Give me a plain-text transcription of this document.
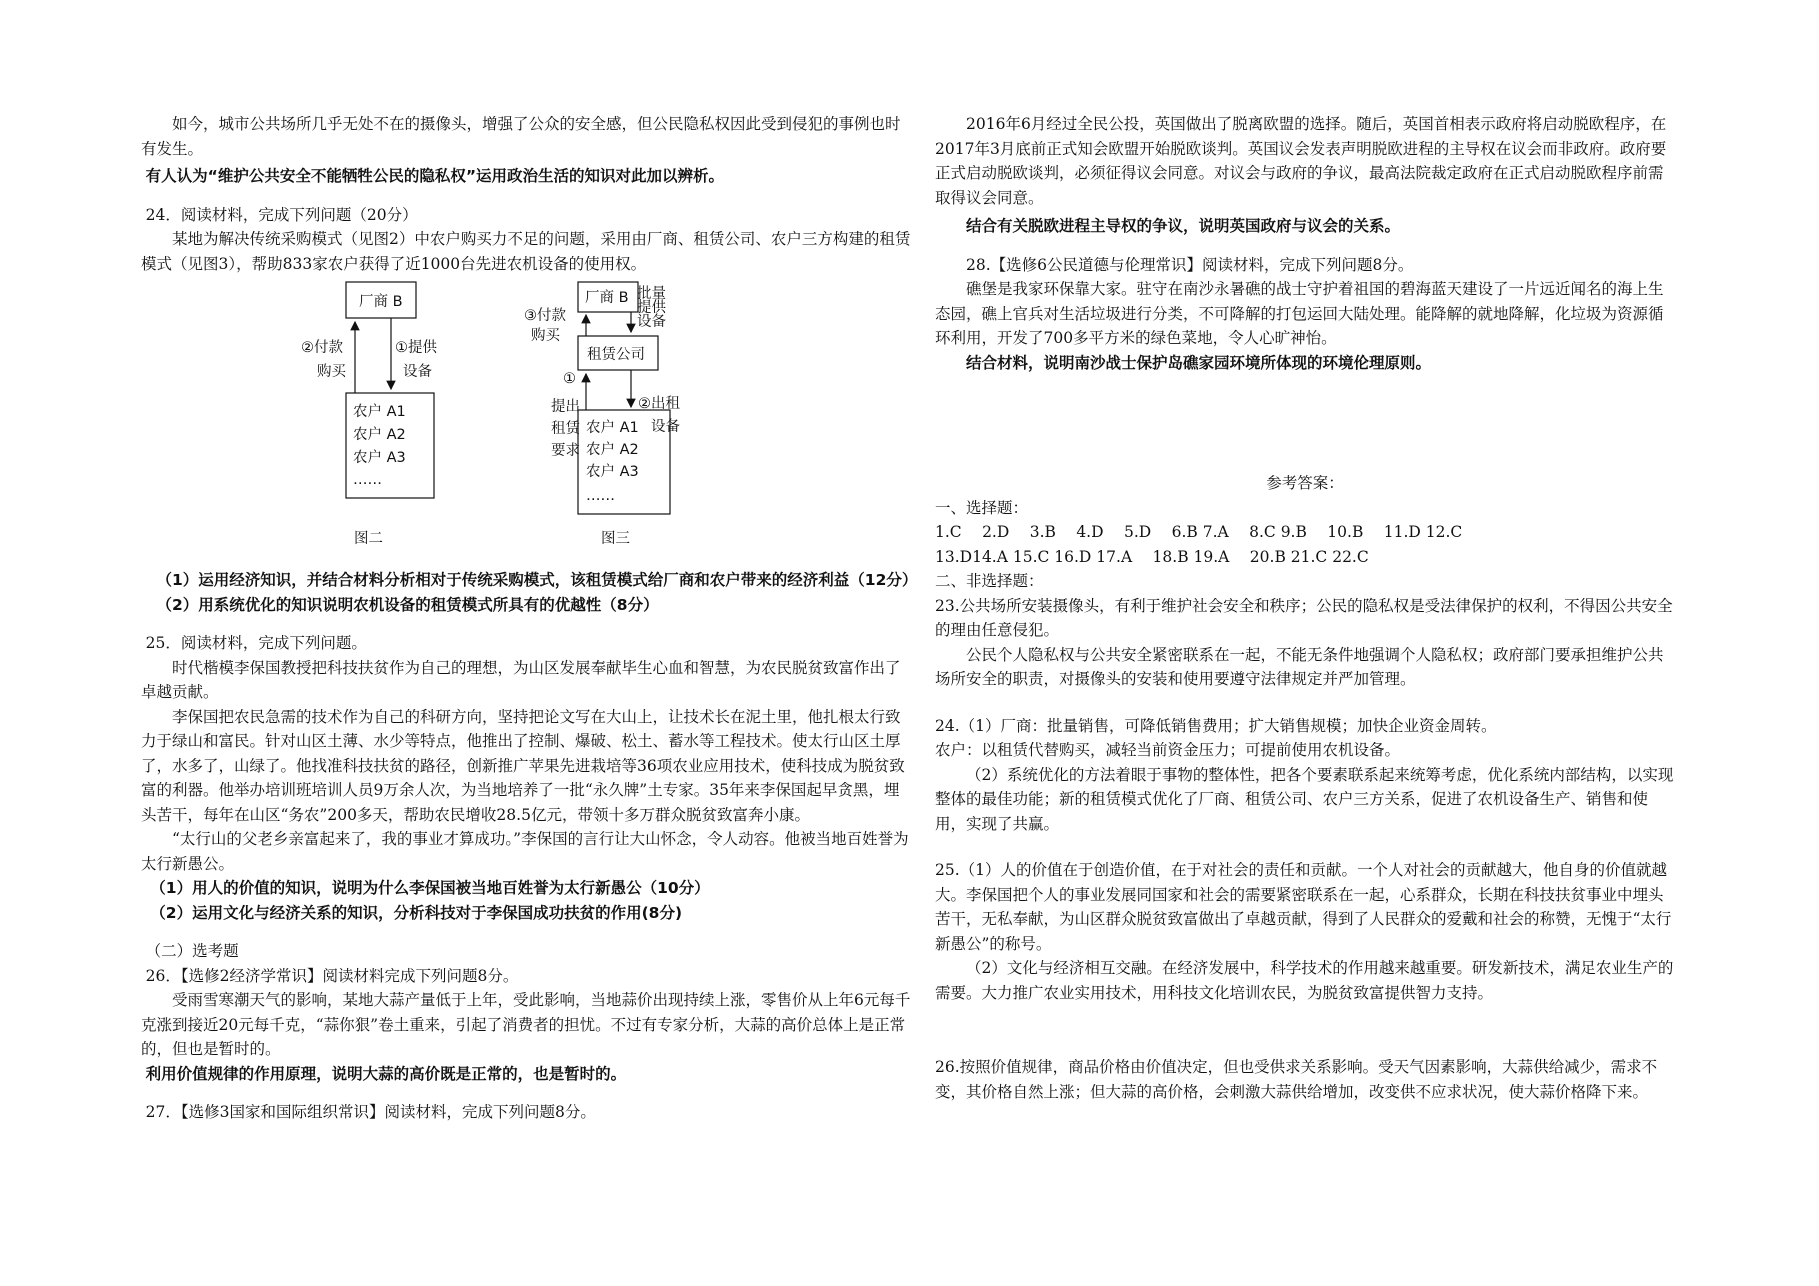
如今，城市公共场所几乎无处不在的摄像头，增强了公众的安全感，但公民隐私权因此受到侵犯的事例也时有发生。

有人认为“维护公共安全不能牺牲公民的隐私权”运用政治生活的知识对此加以辨析。

24．阅读材料，完成下列问题（20分）

某地为解决传统采购模式（见图2）中农户购买力不足的问题，采用由厂商、租赁公司、农户三方构建的租赁模式（见图3），帮助833家农户获得了近1000台先进农机设备的使用权。

厂商 B
②付款
购买
①提供
设备
农户 A1
农户 A2
农户 A3
……
图二
厂商 B
③付款
购买
批量
提供
设备
租赁公司
①
提出
租赁
要求
②出租
设备
农户 A1
农户 A2
农户 A3
……
图三

（1）运用经济知识，并结合材料分析相对于传统采购模式，该租赁模式给厂商和农户带来的经济利益（12分）

（2）用系统优化的知识说明农机设备的租赁模式所具有的优越性（8分）

25．阅读材料，完成下列问题。

时代楷模李保国教授把科技扶贫作为自己的理想，为山区发展奉献毕生心血和智慧，为农民脱贫致富作出了卓越贡献。

李保国把农民急需的技术作为自己的科研方向，坚持把论文写在大山上，让技术长在泥土里，他扎根太行致力于绿山和富民。针对山区土薄、水少等特点，他推出了控制、爆破、松土、蓄水等工程技术。使太行山区土厚了，水多了，山绿了。他找准科技扶贫的路径，创新推广苹果先进栽培等36项农业应用技术，使科技成为脱贫致富的利器。他举办培训班培训人员9万余人次，为当地培养了一批“永久牌”土专家。35年来李保国起早贪黑，埋头苦干，每年在山区“务农”200多天，帮助农民增收28.5亿元，带领十多万群众脱贫致富奔小康。

“太行山的父老乡亲富起来了，我的事业才算成功。”李保国的言行让大山怀念，令人动容。他被当地百姓誉为太行新愚公。

（1）用人的价值的知识，说明为什么李保国被当地百姓誉为太行新愚公（10分）

（2）运用文化与经济关系的知识，分析科技对于李保国成功扶贫的作用(8分)

（二）选考题

26．【选修2经济学常识】阅读材料完成下列问题8分。

受雨雪寒潮天气的影响，某地大蒜产量低于上年，受此影响，当地蒜价出现持续上涨，零售价从上年6元每千克涨到接近20元每千克，“蒜你狠”卷土重来，引起了消费者的担忧。不过有专家分析，大蒜的高价总体上是正常的，但也是暂时的。

利用价值规律的作用原理，说明大蒜的高价既是正常的，也是暂时的。

27．【选修3国家和国际组织常识】阅读材料，完成下列问题8分。

2016年6月经过全民公投，英国做出了脱离欧盟的选择。随后，英国首相表示政府将启动脱欧程序，在2017年3月底前正式知会欧盟开始脱欧谈判。英国议会发表声明脱欧进程的主导权在议会而非政府。政府要正式启动脱欧谈判，必须征得议会同意。对议会与政府的争议，最高法院裁定政府在正式启动脱欧程序前需取得议会同意。

结合有关脱欧进程主导权的争议，说明英国政府与议会的关系。

28.【选修6公民道德与伦理常识】阅读材料，完成下列问题8分。

礁堡是我家环保靠大家。驻守在南沙永暑礁的战士守护着祖国的碧海蓝天建设了一片远近闻名的海上生态园，礁上官兵对生活垃圾进行分类，不可降解的打包运回大陆处理。能降解的就地降解，化垃圾为资源循环利用，开发了700多平方米的绿色菜地，令人心旷神怡。

结合材料，说明南沙战士保护岛礁家园环境所体现的环境伦理原则。

参考答案：

一、选择题：

1.C　 2.D　 3.B　 4.D　 5.D　 6.B 7.A　 8.C 9.B　 10.B　 11.D 12.C

13.D14.A 15.C 16.D 17.A　 18.B 19.A　 20.B 21.C 22.C

二、非选择题：

23.公共场所安装摄像头，有利于维护社会安全和秩序；公民的隐私权是受法律保护的权利，不得因公共安全的理由任意侵犯。

公民个人隐私权与公共安全紧密联系在一起，不能无条件地强调个人隐私权；政府部门要承担维护公共场所安全的职责，对摄像头的安装和使用要遵守法律规定并严加管理。

24.（1）厂商：批量销售，可降低销售费用；扩大销售规模；加快企业资金周转。

农户：以租赁代替购买，减轻当前资金压力；可提前使用农机设备。

（2）系统优化的方法着眼于事物的整体性，把各个要素联系起来统筹考虑，优化系统内部结构，以实现整体的最佳功能；新的租赁模式优化了厂商、租赁公司、农户三方关系，促进了农机设备生产、销售和使用，实现了共赢。

25.（1）人的价值在于创造价值，在于对社会的责任和贡献。一个人对社会的贡献越大，他自身的价值就越大。李保国把个人的事业发展同国家和社会的需要紧密联系在一起，心系群众，长期在科技扶贫事业中埋头苦干，无私奉献，为山区群众脱贫致富做出了卓越贡献，得到了人民群众的爱戴和社会的称赞，无愧于“太行新愚公”的称号。

（2）文化与经济相互交融。在经济发展中，科学技术的作用越来越重要。研发新技术，满足农业生产的需要。大力推广农业实用技术，用科技文化培训农民，为脱贫致富提供智力支持。

26.按照价值规律，商品价格由价值决定，但也受供求关系影响。受天气因素影响，大蒜供给减少，需求不变，其价格自然上涨；但大蒜的高价格，会刺激大蒜供给增加，改变供不应求状况，使大蒜价格降下来。
